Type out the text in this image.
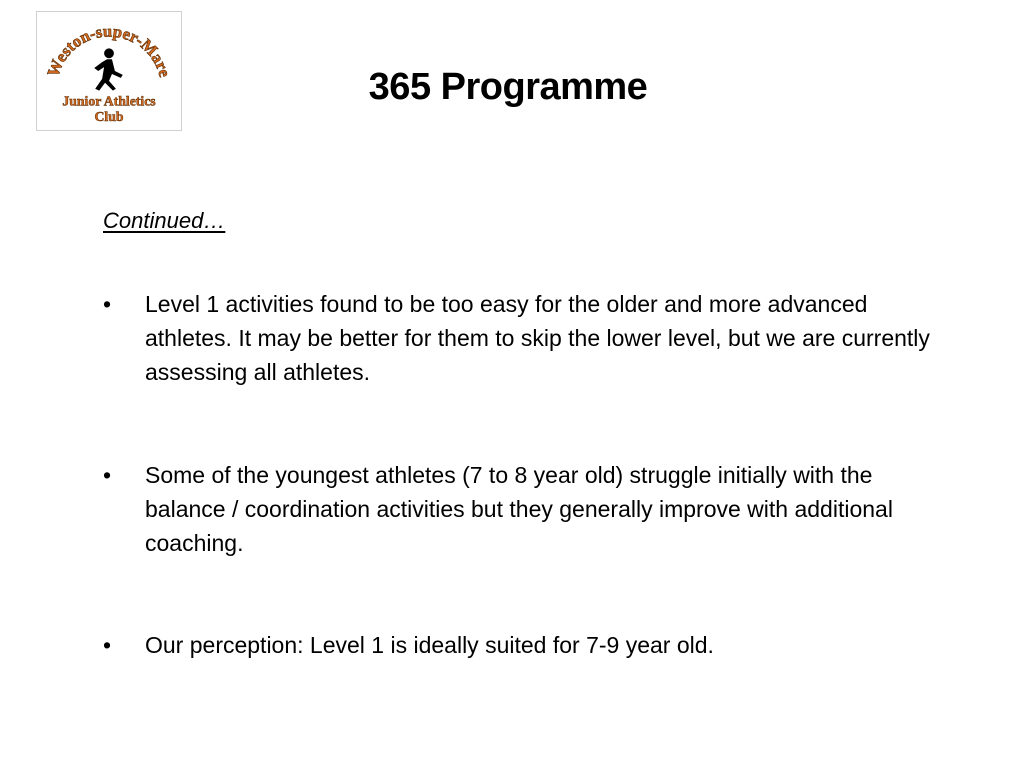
Weston-super-Mare
Junior Athletics
Club
365 Programme
Continued…
•	Level 1 activities found to be too easy for the older and more advanced athletes. It may be better for them to skip the lower level, but we are currently assessing all athletes.
•	Some of the youngest athletes (7 to 8 year old) struggle initially with the balance / coordination activities but they generally improve with additional coaching.
•	Our perception: Level 1 is ideally suited for 7-9 year old.
